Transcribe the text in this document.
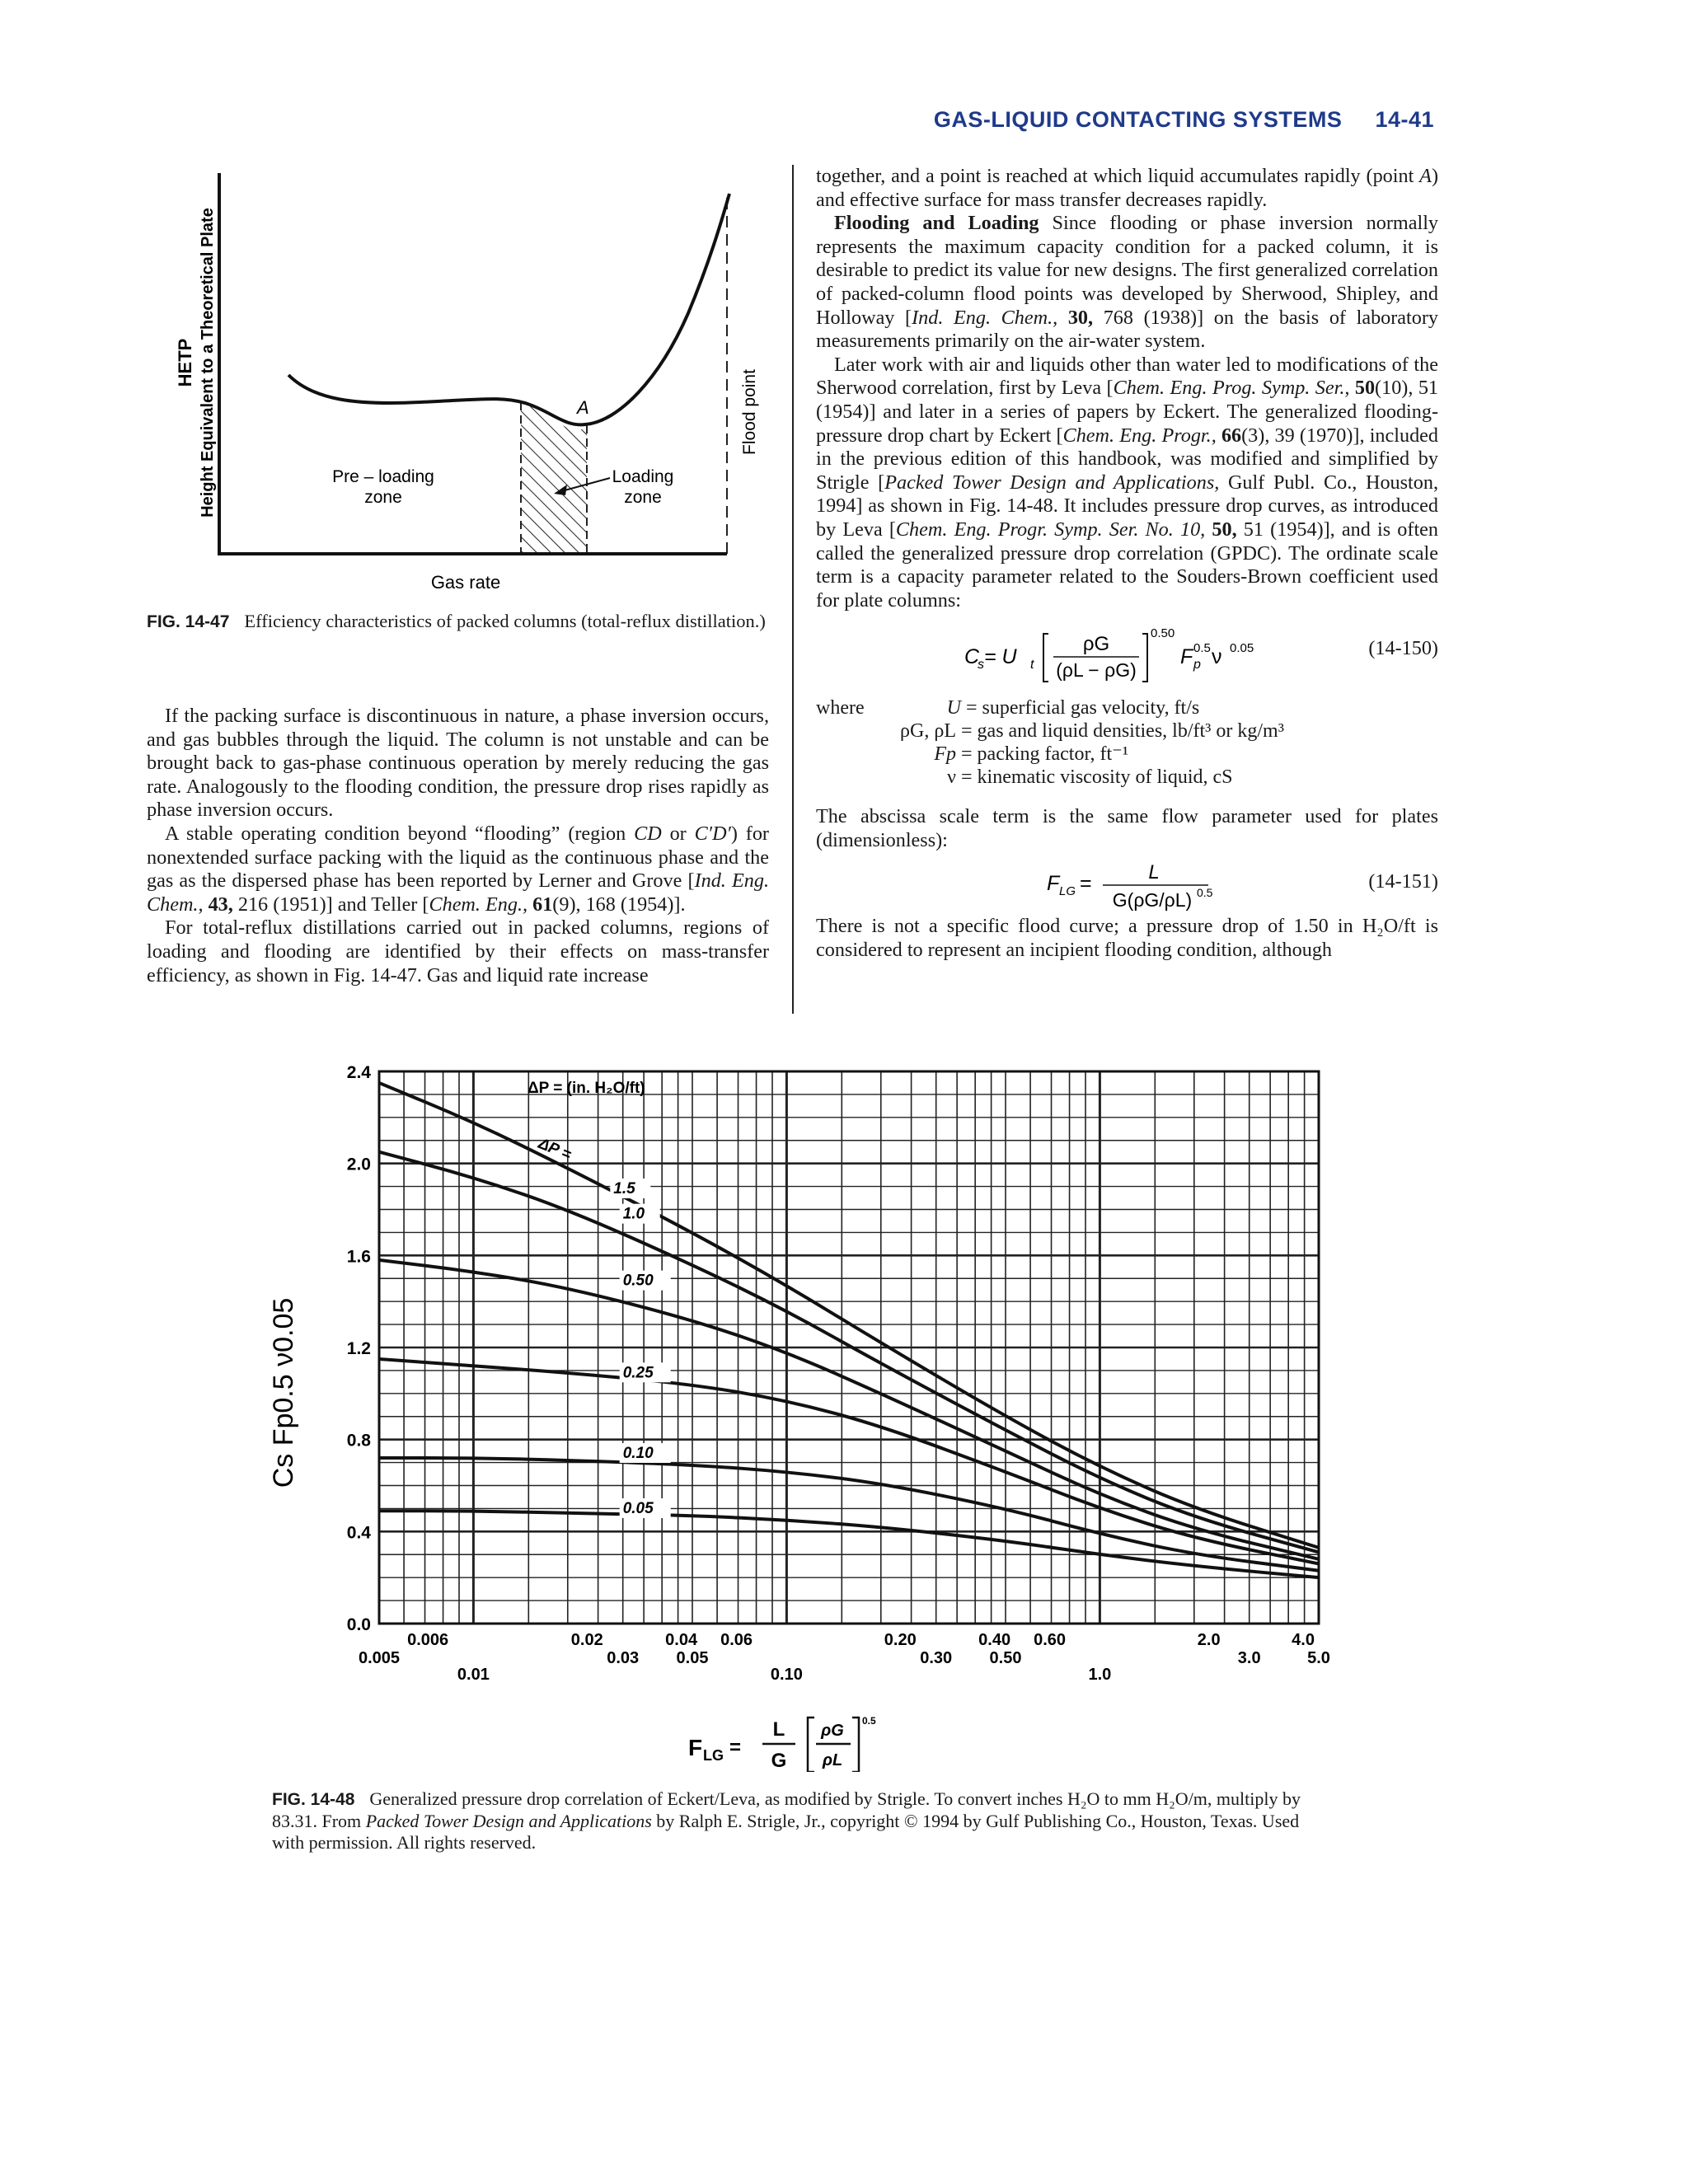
GAS-LIQUID CONTACTING SYSTEMS 14-41
HETP Height Equivalent to a Theoretical Plate
Gas rate
A
Pre – loading
zone
Loading
zone
Flood point
FIG. 14-47 Efficiency characteristics of packed columns (total-reflux distillation.)

If the packing surface is discontinuous in nature, a phase inversion occurs, and gas bubbles through the liquid. The column is not unstable and can be brought back to gas-phase continuous operation by merely reducing the gas rate. Analogously to the flooding condition, the pressure drop rises rapidly as phase inversion occurs.

A stable operating condition beyond “flooding” (region CD or C′D′) for nonextended surface packing with the liquid as the continuous phase and the gas as the dispersed phase has been reported by Lerner and Grove [Ind. Eng. Chem., 43, 216 (1951)] and Teller [Chem. Eng., 61(9), 168 (1954)].

For total-reflux distillations carried out in packed columns, regions of loading and flooding are identified by their effects on mass-transfer efficiency, as shown in Fig. 14-47. Gas and liquid rate increase

together, and a point is reached at which liquid accumulates rapidly (point A) and effective surface for mass transfer decreases rapidly.

Flooding and Loading Since flooding or phase inversion normally represents the maximum capacity condition for a packed column, it is desirable to predict its value for new designs. The first generalized correlation of packed-column flood points was developed by Sherwood, Shipley, and Holloway [Ind. Eng. Chem., 30, 768 (1938)] on the basis of laboratory measurements primarily on the air-water system.

Later work with air and liquids other than water led to modifications of the Sherwood correlation, first by Leva [Chem. Eng. Prog. Symp. Ser., 50(10), 51 (1954)] and later in a series of papers by Eckert. The generalized flooding-pressure drop chart by Eckert [Chem. Eng. Progr., 66(3), 39 (1970)], included in the previous edition of this handbook, was modified and simplified by Strigle [Packed Tower Design and Applications, Gulf Publ. Co., Houston, 1994] as shown in Fig. 14-48. It includes pressure drop curves, as introduced by Leva [Chem. Eng. Progr. Symp. Ser. No. 10, 50, 51 (1954)], and is often called the generalized pressure drop correlation (GPDC). The ordinate scale term is a capacity parameter related to the Souders-Brown coefficient used for plate columns:

C
s = U t
ρG
(ρL − ρG)
0.50
F p
0.5 ν 0.05	(14-150)
where	U = superficial gas velocity, ft/s
ρG, ρL = gas and liquid densities, lb/ft³ or kg/m³
Fp = packing factor, ft⁻¹
ν = kinematic viscosity of liquid, cS

The abscissa scale term is the same flow parameter used for plates (dimensionless):

F LG =	L
G(ρG/ρL) 0.5	(14-151)

There is not a specific flood curve; a pressure drop of 1.50 in H₂O/ft is considered to represent an incipient flooding condition, although

0.0
0.4
0.8
1.2
1.6
2.0
2.4
0.006	0.02	0.04 0.06	0.20	0.40 0.60	2.0	4.0
0.005
0.01
0.03 0.05
0.10
0.30 0.50
1.0
3.0	5.0
1.5
1.0
0.50
0.25
0.10
0.05
ΔP =
Cs Fp0.5 ν0.05
ΔP = (in. H₂O/ft)
F LG =
L
G
ρG
ρL
0.5
FIG. 14-48 Generalized pressure drop correlation of Eckert/Leva, as modified by Strigle. To convert inches H₂O to mm H₂O/m, multiply by 83.31. From Packed Tower Design and Applications by Ralph E. Strigle, Jr., copyright © 1994 by Gulf Publishing Co., Houston, Texas. Used with permission. All rights reserved.
